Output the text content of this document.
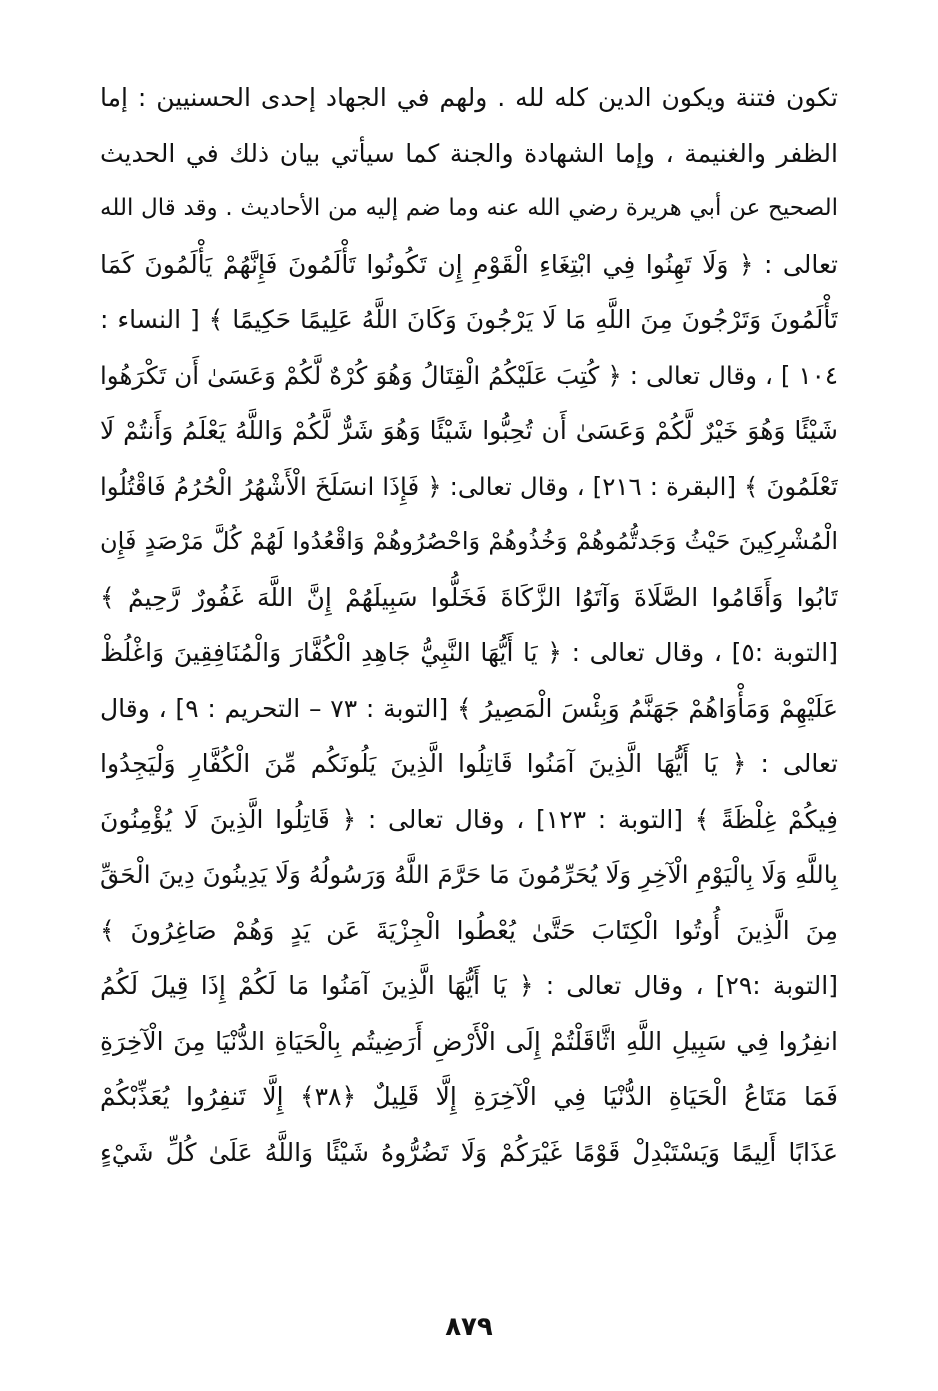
تكون فتنة ويكون الدين كله لله . ولهم في الجهاد إحدى الحسنيين : إما
الظفر والغنيمة ، وإما الشهادة والجنة كما سيأتي بيان ذلك في الحديث
الصحيح عن أبي هريرة رضي الله عنه وما ضم إليه من الأحاديث . وقد قال الله
تعالى : ﴿ وَلَا تَهِنُوا فِي ابْتِغَاءِ الْقَوْمِ إِن تَكُونُوا تَأْلَمُونَ فَإِنَّهُمْ يَأْلَمُونَ كَمَا
تَأْلَمُونَ وَتَرْجُونَ مِنَ اللَّهِ مَا لَا يَرْجُونَ وَكَانَ اللَّهُ عَلِيمًا حَكِيمًا ﴾ [ النساء :
١٠٤ ] ، وقال تعالى : ﴿ كُتِبَ عَلَيْكُمُ الْقِتَالُ وَهُوَ كُرْهٌ لَّكُمْ وَعَسَىٰ أَن تَكْرَهُوا
شَيْئًا وَهُوَ خَيْرٌ لَّكُمْ وَعَسَىٰ أَن تُحِبُّوا شَيْئًا وَهُوَ شَرٌّ لَّكُمْ وَاللَّهُ يَعْلَمُ وَأَنتُمْ لَا
تَعْلَمُونَ ﴾ [البقرة : ٢١٦] ، وقال تعالى: ﴿ فَإِذَا انسَلَخَ الْأَشْهُرُ الْحُرُمُ فَاقْتُلُوا
الْمُشْرِكِينَ حَيْثُ وَجَدتُّمُوهُمْ وَخُذُوهُمْ وَاحْصُرُوهُمْ وَاقْعُدُوا لَهُمْ كُلَّ مَرْصَدٍ فَإِن
تَابُوا وَأَقَامُوا الصَّلَاةَ وَآتَوُا الزَّكَاةَ فَخَلُّوا سَبِيلَهُمْ إِنَّ اللَّهَ غَفُورٌ رَّحِيمٌ ﴾
[التوبة :٥] ، وقال تعالى : ﴿ يَا أَيُّهَا النَّبِيُّ جَاهِدِ الْكُفَّارَ وَالْمُنَافِقِينَ وَاغْلُظْ
عَلَيْهِمْ وَمَأْوَاهُمْ جَهَنَّمُ وَبِئْسَ الْمَصِيرُ ﴾ [التوبة : ٧٣ – التحريم : ٩] ، وقال
تعالى : ﴿ يَا أَيُّهَا الَّذِينَ آمَنُوا قَاتِلُوا الَّذِينَ يَلُونَكُم مِّنَ الْكُفَّارِ وَلْيَجِدُوا
فِيكُمْ غِلْظَةً ﴾ [التوبة : ١٢٣] ، وقال تعالى : ﴿ قَاتِلُوا الَّذِينَ لَا يُؤْمِنُونَ
بِاللَّهِ وَلَا بِالْيَوْمِ الْآخِرِ وَلَا يُحَرِّمُونَ مَا حَرَّمَ اللَّهُ وَرَسُولُهُ وَلَا يَدِينُونَ دِينَ الْحَقِّ
مِنَ الَّذِينَ أُوتُوا الْكِتَابَ حَتَّىٰ يُعْطُوا الْجِزْيَةَ عَن يَدٍ وَهُمْ صَاغِرُونَ ﴾
[التوبة :٢٩] ، وقال تعالى : ﴿ يَا أَيُّهَا الَّذِينَ آمَنُوا مَا لَكُمْ إِذَا قِيلَ لَكُمُ
انفِرُوا فِي سَبِيلِ اللَّهِ اثَّاقَلْتُمْ إِلَى الْأَرْضِ أَرَضِيتُم بِالْحَيَاةِ الدُّنْيَا مِنَ الْآخِرَةِ
فَمَا مَتَاعُ الْحَيَاةِ الدُّنْيَا فِي الْآخِرَةِ إِلَّا قَلِيلٌ ﴿٣٨﴾ إِلَّا تَنفِرُوا يُعَذِّبْكُمْ
عَذَابًا أَلِيمًا وَيَسْتَبْدِلْ قَوْمًا غَيْرَكُمْ وَلَا تَضُرُّوهُ شَيْئًا وَاللَّهُ عَلَىٰ كُلِّ شَيْءٍ
٨٧٩
